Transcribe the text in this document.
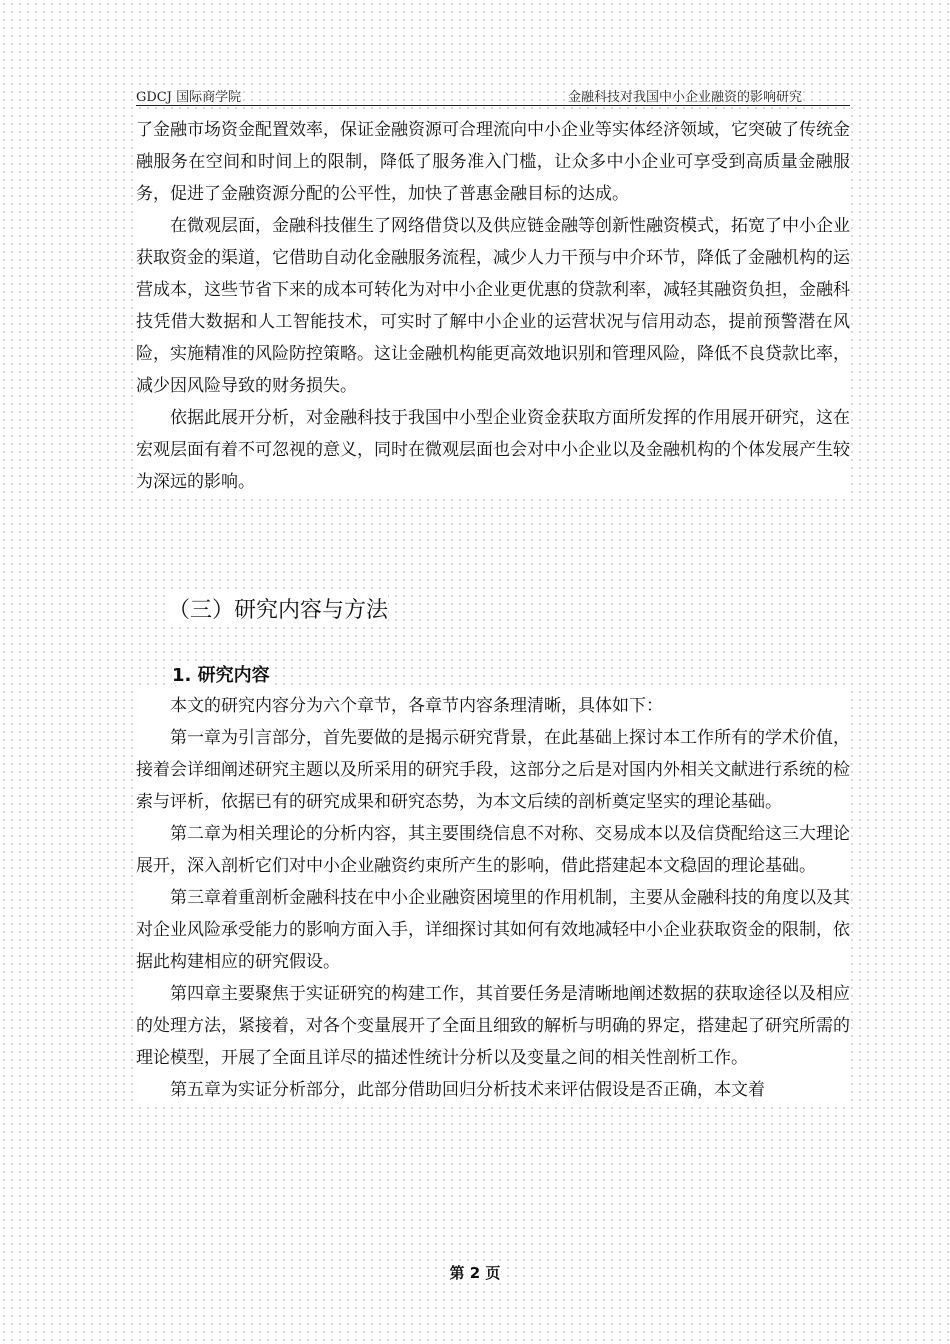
GDCJ 国际商学院	金融科技对我国中小企业融资的影响研究

了金融市场资金配置效率，保证金融资源可合理流向中小企业等实体经济领域，它突破了传统金融服务在空间和时间上的限制，降低了服务准入门槛，让众多中小企业可享受到高质量金融服务，促进了金融资源分配的公平性，加快了普惠金融目标的达成。

在微观层面，金融科技催生了网络借贷以及供应链金融等创新性融资模式，拓宽了中小企业获取资金的渠道，它借助自动化金融服务流程，减少人力干预与中介环节，降低了金融机构的运营成本，这些节省下来的成本可转化为对中小企业更优惠的贷款利率，减轻其融资负担，金融科技凭借大数据和人工智能技术，可实时了解中小企业的运营状况与信用动态，提前预警潜在风险，实施精准的风险防控策略。这让金融机构能更高效地识别和管理风险，降低不良贷款比率，减少因风险导致的财务损失。

依据此展开分析，对金融科技于我国中小型企业资金获取方面所发挥的作用展开研究，这在宏观层面有着不可忽视的意义，同时在微观层面也会对中小企业以及金融机构的个体发展产生较为深远的影响。

（三）研究内容与方法
1. 研究内容

本文的研究内容分为六个章节，各章节内容条理清晰，具体如下：

第一章为引言部分，首先要做的是揭示研究背景，在此基础上探讨本工作所有的学术价值，接着会详细阐述研究主题以及所采用的研究手段，这部分之后是对国内外相关文献进行系统的检索与评析，依据已有的研究成果和研究态势，为本文后续的剖析奠定坚实的理论基础。

第二章为相关理论的分析内容，其主要围绕信息不对称、交易成本以及信贷配给这三大理论展开，深入剖析它们对中小企业融资约束所产生的影响，借此搭建起本文稳固的理论基础。

第三章着重剖析金融科技在中小企业融资困境里的作用机制，主要从金融科技的角度以及其对企业风险承受能力的影响方面入手，详细探讨其如何有效地减轻中小企业获取资金的限制，依据此构建相应的研究假设。

第四章主要聚焦于实证研究的构建工作，其首要任务是清晰地阐述数据的获取途径以及相应的处理方法，紧接着，对各个变量展开了全面且细致的解析与明确的界定，搭建起了研究所需的理论模型，开展了全面且详尽的描述性统计分析以及变量之间的相关性剖析工作。

第五章为实证分析部分，此部分借助回归分析技术来评估假设是否正确，本文着

第 2 页
